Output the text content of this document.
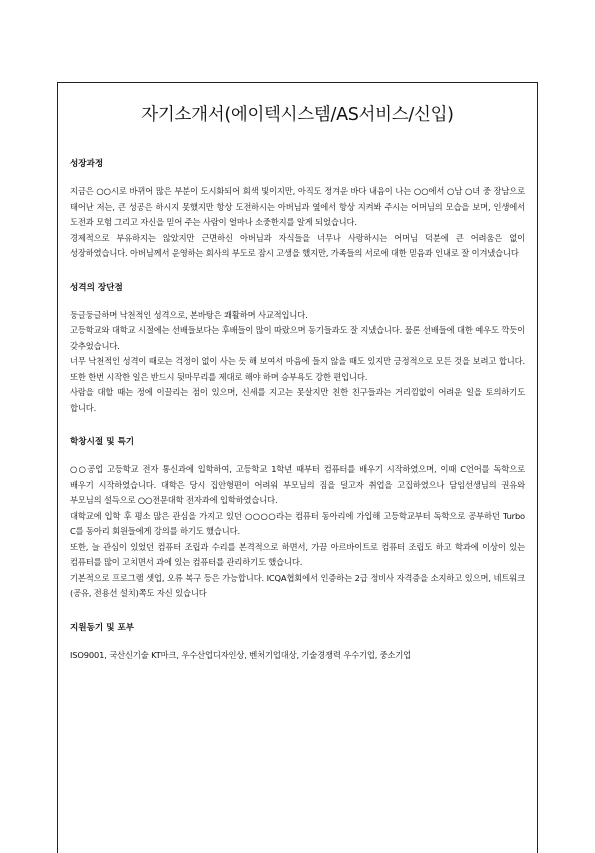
자기소개서(에이텍시스템/AS서비스/신입)
성장과정

지금은 ○○시로 바뀌어 많은 부분이 도시화되어 회색 빛이지만, 아직도 정겨운 바다 내음이 나는 ○○에서 ○남 ○녀 중 장남으로 태어난 저는, 큰 성공은 하시지 못했지만 항상 도전하시는 아버님과 옆에서 항상 지켜봐 주시는 어머님의 모습을 보며, 인생에서 도전과 모험 그리고 자신을 믿어 주는 사람이 얼마나 소중한지를 알게 되었습니다.

경제적으로 부유하지는 않았지만 근면하신 아버님과 자식들을 너무나 사랑하시는 어머님 덕분에 큰 어려움은 없이 성장하였습니다. 아버님께서 운영하는 회사의 부도로 잠시 고생을 했지만, 가족들의 서로에 대한 믿음과 인내로 잘 이겨냈습니다

성격의 장단점

둥글둥글하며 낙천적인 성격으로, 본바탕은 쾌활하며 사교적입니다.

고등학교와 대학교 시절에는 선배들보다는 후배들이 많이 따랐으며 동기들과도 잘 지냈습니다. 물론 선배들에 대한 예우도 깍듯이 갖추었습니다.

너무 낙천적인 성격이 때로는 걱정이 없이 사는 듯 해 보여서 마음에 들지 않을 때도 있지만 긍정적으로 모든 것을 보려고 합니다. 또한 한번 시작한 일은 반드시 뒷마무리를 제대로 해야 하며 승부욕도 강한 편입니다.

사람을 대할 때는 정에 이끌리는 점이 있으며, 신세를 지고는 못살지만 친한 친구들과는 거리낌없이 어려운 일을 토의하기도 합니다.

학창시절 및 특기

○○공업 고등학교 전자 통신과에 입학하여, 고등학교 1학년 때부터 컴퓨터를 배우기 시작하였으며, 이때 C언어를 독학으로 배우기 시작하였습니다. 대학은 당시 집안형편이 어려워 부모님의 짐을 덜고자 취업을 고집하였으나 담임선생님의 권유와 부모님의 설득으로 ○○전문대학 전자과에 입학하였습니다.

대학교에 입학 후 평소 많은 관심을 가지고 있던 ○○○○라는 컴퓨터 동아리에 가입해 고등학교부터 독학으로 공부하던 Turbo C를 동아리 회원들에게 강의를 하기도 했습니다.

또한, 늘 관심이 있었던 컴퓨터 조립과 수리를 본격적으로 하면서, 가끔 아르바이트로 컴퓨터 조립도 하고 학과에 이상이 있는 컴퓨터를 많이 고치면서 과에 있는 컴퓨터를 관리하기도 했습니다.

기본적으로 프로그램 셋업, 오류 복구 등은 가능합니다. ICQA협회에서 인증하는 2급 정비사 자격증을 소지하고 있으며, 네트워크(공유, 전용선 설치)쪽도 자신 있습니다

지원동기 및 포부

ISO9001, 국산신기술 KT마크, 우수산업디자인상, 벤처기업대상, 기술경쟁력 우수기업, 중소기업
